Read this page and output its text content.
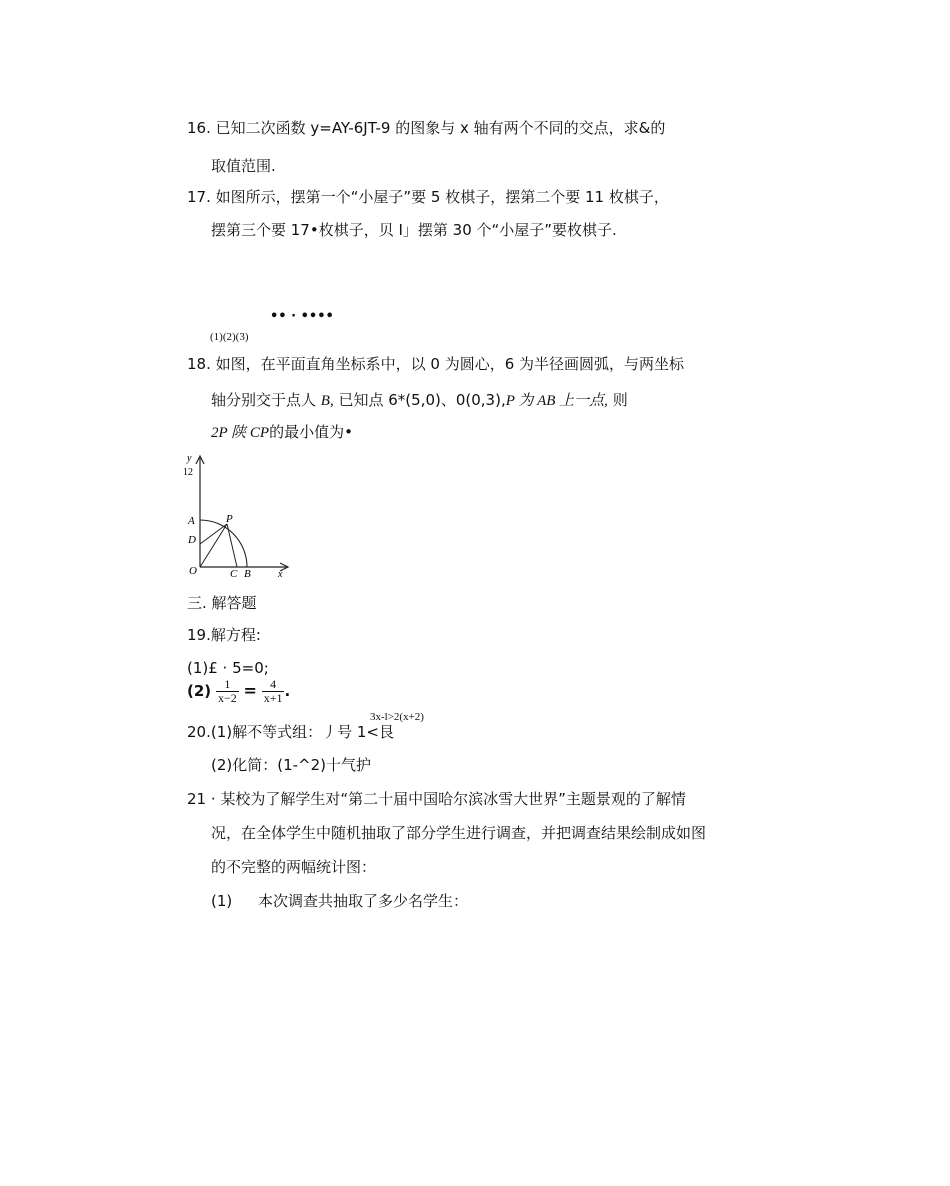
16. 已知二次函数 y=AY-6JT-9 的图象与 x 轴有两个不同的交点，求&的
取值范围.
17. 如图所示，摆第一个“小屋子”要 5 枚棋子，摆第二个要 11 枚棋子，
摆第三个要 17•枚棋子，贝 I」摆第 30 个“小屋子”要枚棋子.
•• · ••••
(1)(2)(3)
18. 如图，在平面直角坐标系中，以 0 为圆心，6 为半径画圆弧，与两坐标
轴分别交于点人 B, 已知点 6*(5,0)、0(0,3),P 为 AB 上一点, 则
2P 陕 CP的最小值为•
y
12
A	P
D
O	C B	x
三. 解答题
19.解方程:
(1)£ · 5=0;
$(2) \frac{1}{x-2} = \frac{4}{x+1}$ .
3x-l>2(x+2)
20.(1)解不等式组：丿号 1<艮
(2)化简：(1-^2)十气护
21 · 某校为了解学生对“第二十届中国哈尔滨冰雪大世界”主题景观的了解情
况，在全体学生中随机抽取了部分学生进行调查，并把调查结果绘制成如图
的不完整的两幅统计图：
(1) 本次调查共抽取了多少名学生：
